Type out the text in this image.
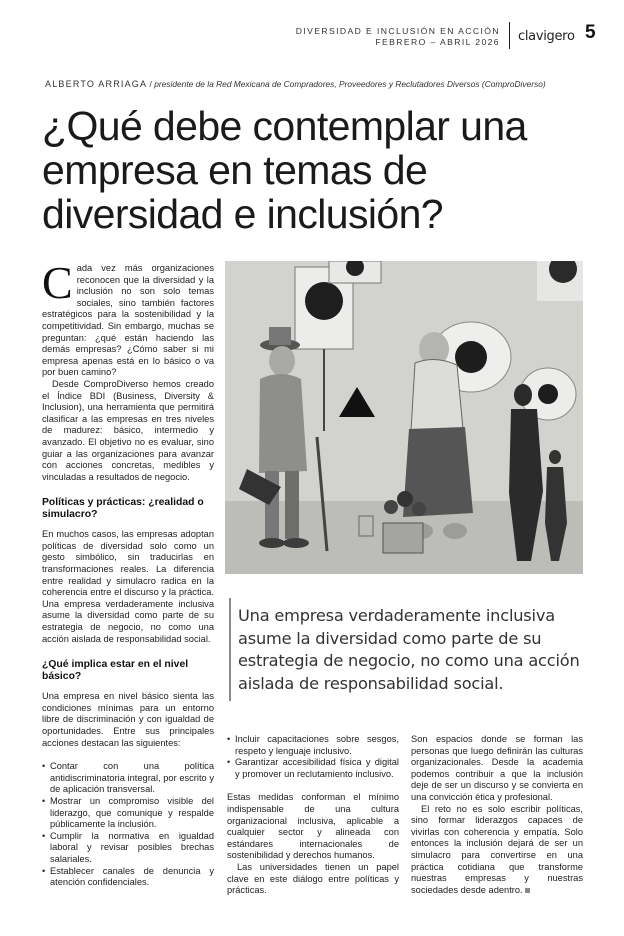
DIVERSIDAD E INCLUSIÓN EN ACCIÓN
FEBRERO – ABRIL 2026 clavigero 5
ALBERTO ARRIAGA / presidente de la Red Mexicana de Compradores, Proveedores y Reclutadores Diversos (ComproDiverso)
¿Qué debe contemplar una empresa en temas de diversidad e inclusión?

Cada vez más organizaciones reconocen que la diversidad y la inclusión no son solo temas sociales, sino también factores estratégicos para la sostenibilidad y la competitividad. Sin embargo, muchas se preguntan: ¿qué están haciendo las demás empresas? ¿Cómo saber si mi empresa apenas está en lo básico o va por buen camino?

Desde ComproDiverso hemos creado el Índice BDI (Business, Diversity & Inclusion), una herramienta que permitirá clasificar a las empresas en tres niveles de madurez: básico, intermedio y avanzado. El objetivo no es evaluar, sino guiar a las organizaciones para avanzar con acciones concretas, medibles y vinculadas a resultados de negocio.

Políticas y prácticas: ¿realidad o simulacro?

En muchos casos, las empresas adoptan políticas de diversidad solo como un gesto simbólico, sin traducirlas en transformaciones reales. La diferencia entre realidad y simulacro radica en la coherencia entre el discurso y la práctica. Una empresa verdaderamente inclusiva asume la diversidad como parte de su estrategia de negocio, no como una acción aislada de responsabilidad social.

¿Qué implica estar en el nivel básico?

Una empresa en nivel básico sienta las condiciones mínimas para un entorno libre de discriminación y con igualdad de oportunidades. Entre sus principales acciones destacan las siguientes:

• Contar con una política antidiscriminatoria integral, por escrito y de aplicación transversal.
• Mostrar un compromiso visible del liderazgo, que comunique y respalde públicamente la inclusión.
• Cumplir la normativa en igualdad laboral y revisar posibles brechas salariales.
• Establecer canales de denuncia y atención confidenciales.

Una empresa verdaderamente inclusiva asume la diversidad como parte de su estrategia de negocio, no como una acción aislada de responsabilidad social.

• Incluir capacitaciones sobre sesgos, respeto y lenguaje inclusivo.
• Garantizar accesibilidad física y digital y promover un reclutamiento inclusivo.

Estas medidas conforman el mínimo indispensable de una cultura organizacional inclusiva, aplicable a cualquier sector y alineada con estándares internacionales de sostenibilidad y derechos humanos.

Las universidades tienen un papel clave en este diálogo entre políticas y prácticas.

Son espacios donde se forman las personas que luego definirán las culturas organizacionales. Desde la academia podemos contribuir a que la inclusión deje de ser un discurso y se convierta en una convicción ética y profesional.

El reto no es solo escribir políticas, sino formar liderazgos capaces de vivirlas con coherencia y empatía. Solo entonces la inclusión dejará de ser un simulacro para convertirse en una práctica cotidiana que transforme nuestras empresas y nuestras sociedades desde adentro.
